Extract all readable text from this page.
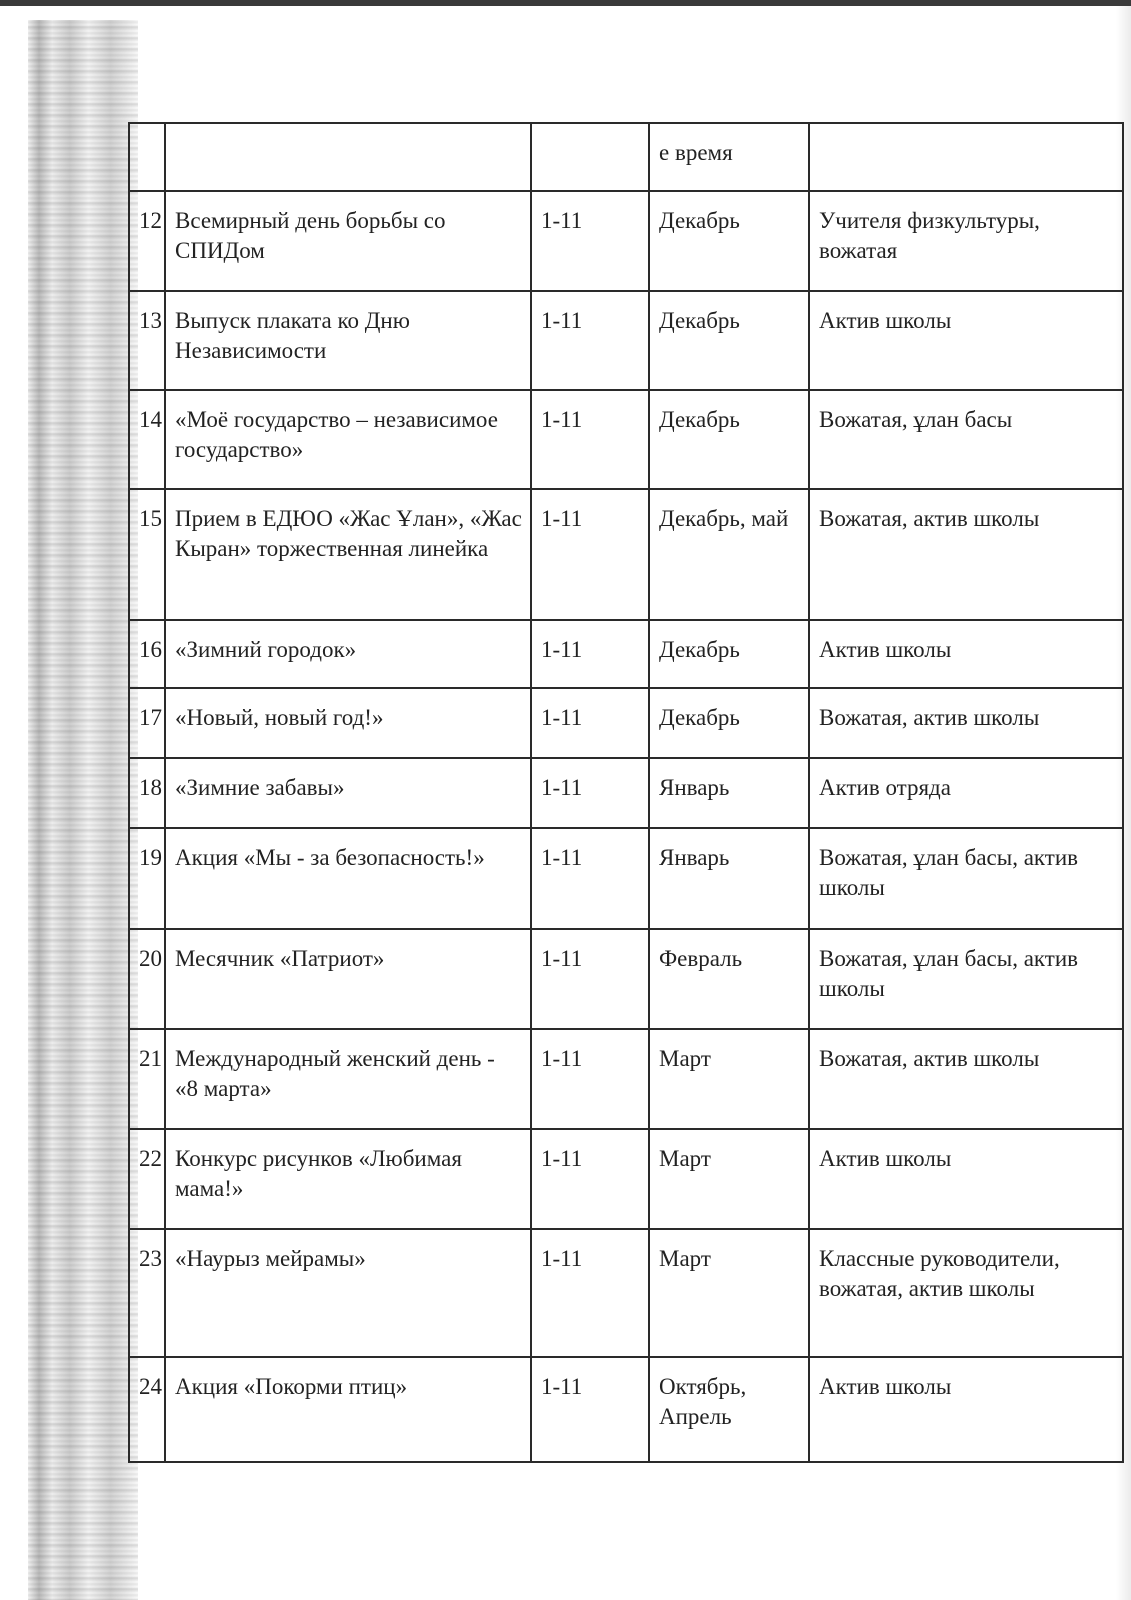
			е время	
12	Всемирный день борьбы со СПИДом	1-11	Декабрь	Учителя физкультуры, вожатая
13	Выпуск плаката ко Дню Независимости	1-11	Декабрь	Актив школы
14	«Моё государство – независимое государство»	1-11	Декабрь	Вожатая, ұлан басы
15	Прием в ЕДЮО «Жас Ұлан», «Жас Кыран» торжественная линейка	1-11	Декабрь, май	Вожатая, актив школы
16	«Зимний городок»	1-11	Декабрь	Актив школы
17	«Новый, новый год!»	1-11	Декабрь	Вожатая, актив школы
18	«Зимние забавы»	1-11	Январь	Актив отряда
19	Акция «Мы - за безопасность!»	1-11	Январь	Вожатая, ұлан басы, актив школы
20	Месячник «Патриот»	1-11	Февраль	Вожатая, ұлан басы, актив школы
21	Международный женский день - «8 марта»	1-11	Март	Вожатая, актив школы
22	Конкурс рисунков «Любимая мама!»	1-11	Март	Актив школы
23	«Наурыз мейрамы»	1-11	Март	Классные руководители, вожатая, актив школы
24	Акция «Покорми птиц»	1-11	Октябрь, Апрель	Актив школы
